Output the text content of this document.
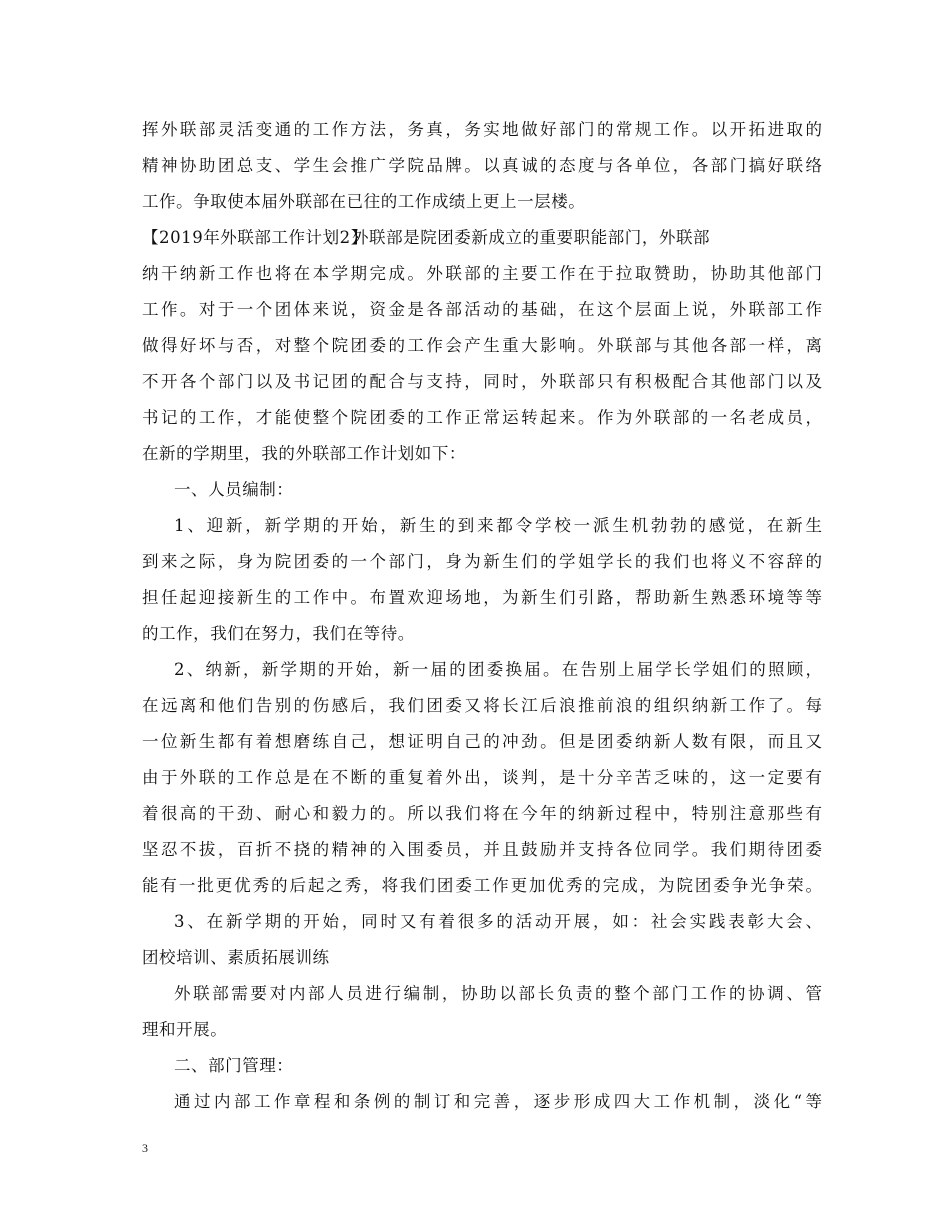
挥外联部灵活变通的工作方法，务真，务实地做好部门的常规工作。以开拓进取的
精神协助团总支、学生会推广学院品牌。以真诚的态度与各单位，各部门搞好联络
工作。争取使本届外联部在已往的工作成绩上更上一层楼。
【2019年外联部工作计划2】外联部是院团委新成立的重要职能部门，外联部
纳干纳新工作也将在本学期完成。外联部的主要工作在于拉取赞助，协助其他部门
工作。对于一个团体来说，资金是各部活动的基础，在这个层面上说，外联部工作
做得好坏与否，对整个院团委的工作会产生重大影响。外联部与其他各部一样，离
不开各个部门以及书记团的配合与支持，同时，外联部只有积极配合其他部门以及
书记的工作，才能使整个院团委的工作正常运转起来。作为外联部的一名老成员，
在新的学期里，我的外联部工作计划如下：
一、人员编制：
1、迎新，新学期的开始，新生的到来都令学校一派生机勃勃的感觉，在新生
到来之际，身为院团委的一个部门，身为新生们的学姐学长的我们也将义不容辞的
担任起迎接新生的工作中。布置欢迎场地，为新生们引路，帮助新生熟悉环境等等
的工作，我们在努力，我们在等待。
2、纳新，新学期的开始，新一届的团委换届。在告别上届学长学姐们的照顾，
在远离和他们告别的伤感后，我们团委又将长江后浪推前浪的组织纳新工作了。每
一位新生都有着想磨练自己，想证明自己的冲劲。但是团委纳新人数有限，而且又
由于外联的工作总是在不断的重复着外出，谈判，是十分辛苦乏味的，这一定要有
着很高的干劲、耐心和毅力的。所以我们将在今年的纳新过程中，特别注意那些有
坚忍不拔，百折不挠的精神的入围委员，并且鼓励并支持各位同学。我们期待团委
能有一批更优秀的后起之秀，将我们团委工作更加优秀的完成，为院团委争光争荣。
3、在新学期的开始，同时又有着很多的活动开展，如：社会实践表彰大会、
团校培训、素质拓展训练
外联部需要对内部人员进行编制，协助以部长负责的整个部门工作的协调、管
理和开展。
二、部门管理：
通过内部工作章程和条例的制订和完善，逐步形成四大工作机制，淡化“等
3
